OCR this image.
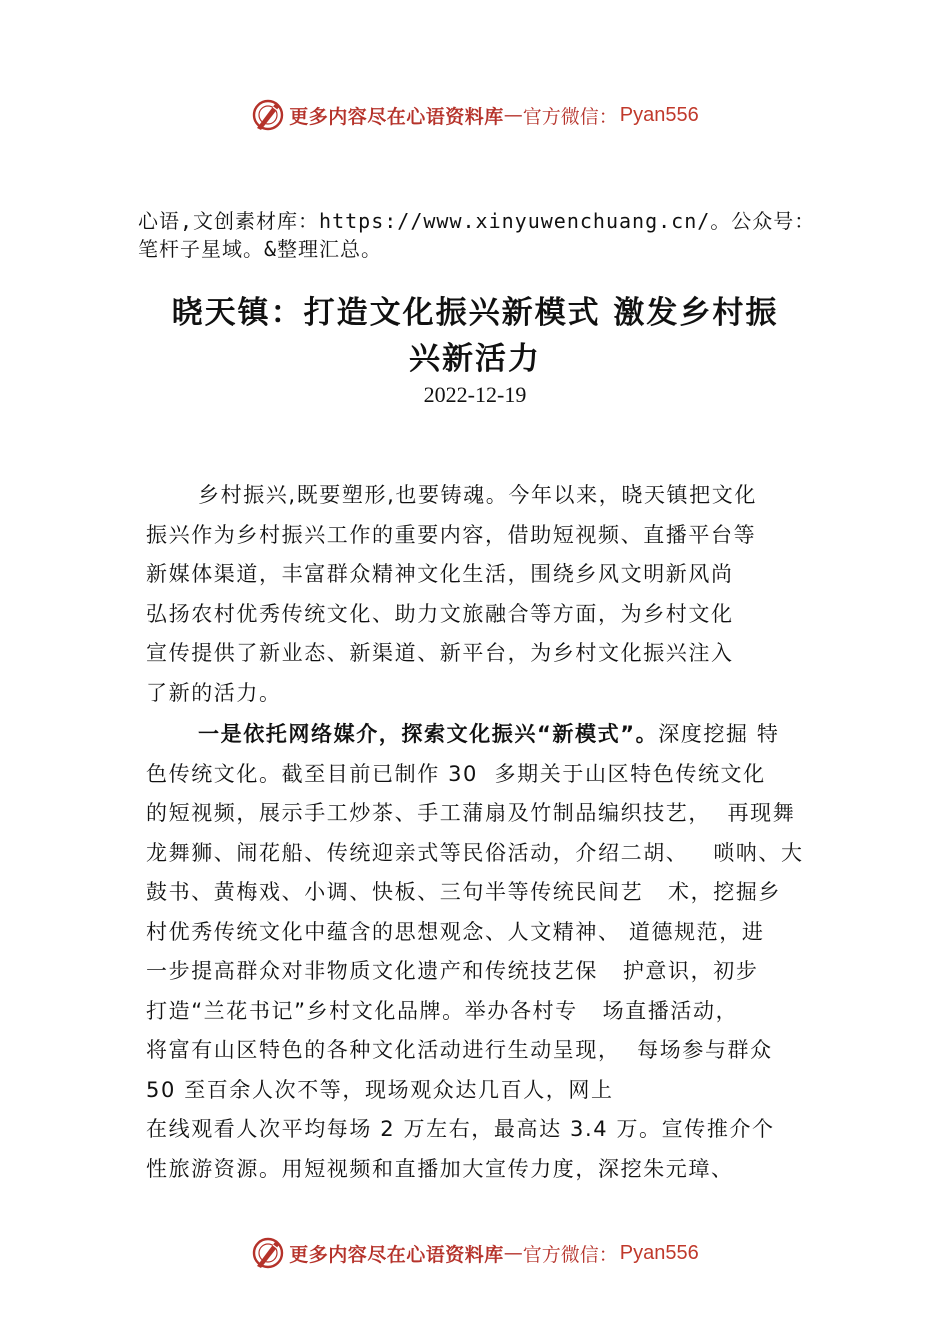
更多内容尽在心语资料库 — 官方微信： Pyan556
心语,文创素材库：https://www.xinyuwenchuang.cn/。公众号：
笔杆子星域。&整理汇总。
晓天镇：打造文化振兴新模式 激发乡村振
兴新活力
2022-12-19

乡村振兴,既要塑形,也要铸魂。今年以来，晓天镇把文化
振兴作为乡村振兴工作的重要内容，借助短视频、直播平台等
新媒体渠道，丰富群众精神文化生活，围绕乡风文明新风尚
弘扬农村优秀传统文化、助力文旅融合等方面，为乡村文化
宣传提供了新业态、新渠道、新平台，为乡村文化振兴注入
了新的活力。

一是依托网络媒介，探索文化振兴“新模式”。深度挖掘 特
色传统文化。截至目前已制作 30  多期关于山区特色传统文化
的短视频，展示手工炒茶、手工蒲扇及竹制品编织技艺，  再现舞
龙舞狮、闹花船、传统迎亲式等民俗活动，介绍二胡、   唢呐、大
鼓书、黄梅戏、小调、快板、三句半等传统民间艺   术，挖掘乡
村优秀传统文化中蕴含的思想观念、人文精神、 道德规范，进
一步提高群众对非物质文化遗产和传统技艺保   护意识，初步
打造“兰花书记”乡村文化品牌。举办各村专   场直播活动，
将富有山区特色的各种文化活动进行生动呈现，  每场参与群众
50 至百余人次不等，现场观众达几百人，网上
在线观看人次平均每场 2 万左右，最高达 3.4 万。宣传推介个
性旅游资源。用短视频和直播加大宣传力度，深挖朱元璋、

更多内容尽在心语资料库 — 官方微信： Pyan556
